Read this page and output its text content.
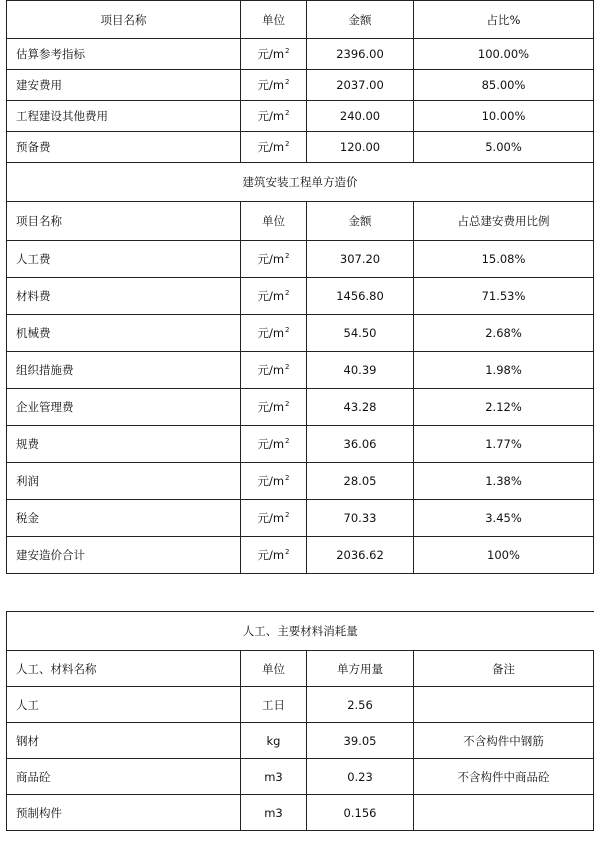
项目名称	单位	金额	占比%
估算参考指标	元$/m^2$	2396.00	100.00%
建安费用	元$/m^2$	2037.00	85.00%
工程建设其他费用	元$/m^2$	240.00	10.00%
预备费	元$/m^2$	120.00	5.00%
建筑安装工程单方造价			
项目名称	单位	金额	占总建安费用比例
人工费	元$/m^2$	307.20	15.08%
材料费	元$/m^2$	1456.80	71.53%
机械费	元$/m^2$	54.50	2.68%
组织措施费	元$/m^2$	40.39	1.98%
企业管理费	元$/m^2$	43.28	2.12%
规费	元$/m^2$	36.06	1.77%
利润	元$/m^2$	28.05	1.38%
税金	元$/m^2$	70.33	3.45%
建安造价合计	元$/m^2$	2036.62	100%
人工、主要材料消耗量			
人工、材料名称	单位	单方用量	备注
人工	工日	2.56	
钢材	kg	39.05	不含构件中钢筋
商品砼	m3	0.23	不含构件中商品砼
预制构件	m3	0.156	
